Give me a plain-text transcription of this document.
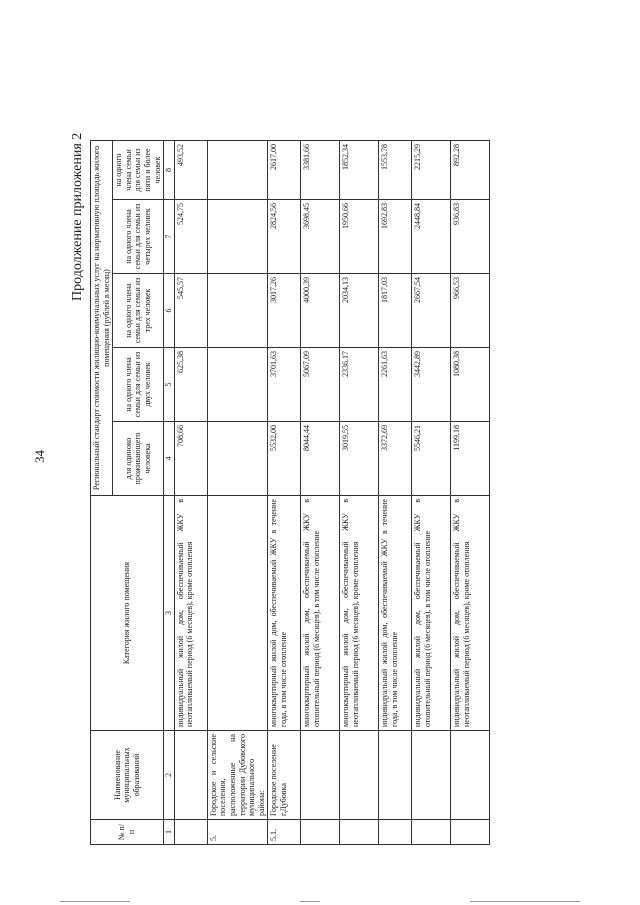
34
Продолжение приложения 2
№ п/п	Наименование муниципальных образований	Категория жилого помещения	Региональный стандарт стоимости жилищно-коммунальных услуг на нормативную площадь жилого помещения (рублей в месяц)				
			для одиноко проживающего человека	на одного члена семьи для семьи из двух человек	на одного члена семьи для семьи из трех человек	на одного члена семьи для семьи из четырех человек	на одного члена семьи для семьи из пяти и более человек
1	2	3	4	5	6	7	8
		индивидуальный жилой дом, обеспечиваемый ЖКУ в неотапливаемый период (6 месяцев), кроме отопления	708,66	625,38	545,57	524,75	493,52
5.	Городское и сельские поселения, расположенные на территории Дубовского муниципального района:						
5.1.	Городское поселение г.Дубовка	многоквартирный жилой дом, обеспечиваемый ЖКУ в течение года, в том числе отопление	5532,00	3701,63	3017,26	2824,56	2617,00
		многоквартирный жилой дом, обеспечиваемый ЖКУ в отопительный период (6 месяцев), в том числе отопление	8044,44	5067,09	4000,39	3698,45	3381,66
		многоквартирный жилой дом, обеспечиваемый ЖКУ в неотапливаемый период (6 месяцев), кроме отопления	3019,55	2336,17	2034,13	1950,66	1852,34
		индивидуальный жилой дом, обеспечиваемый ЖКУ в течение года, в том числе отопление	3372,69	2261,63	1817,03	1692,83	1553,78
		индивидуальный жилой дом, обеспечиваемый ЖКУ в отопительный период (6 месяцев), в том числе отопление	5546,21	3442,89	2667,54	2448,84	2215,29
		индивидуальный жилой дом, обеспечиваемый ЖКУ в неотапливаемый период (6 месяцев), кроме отопления	1199,18	1080,38	966,53	936,83	892,28
